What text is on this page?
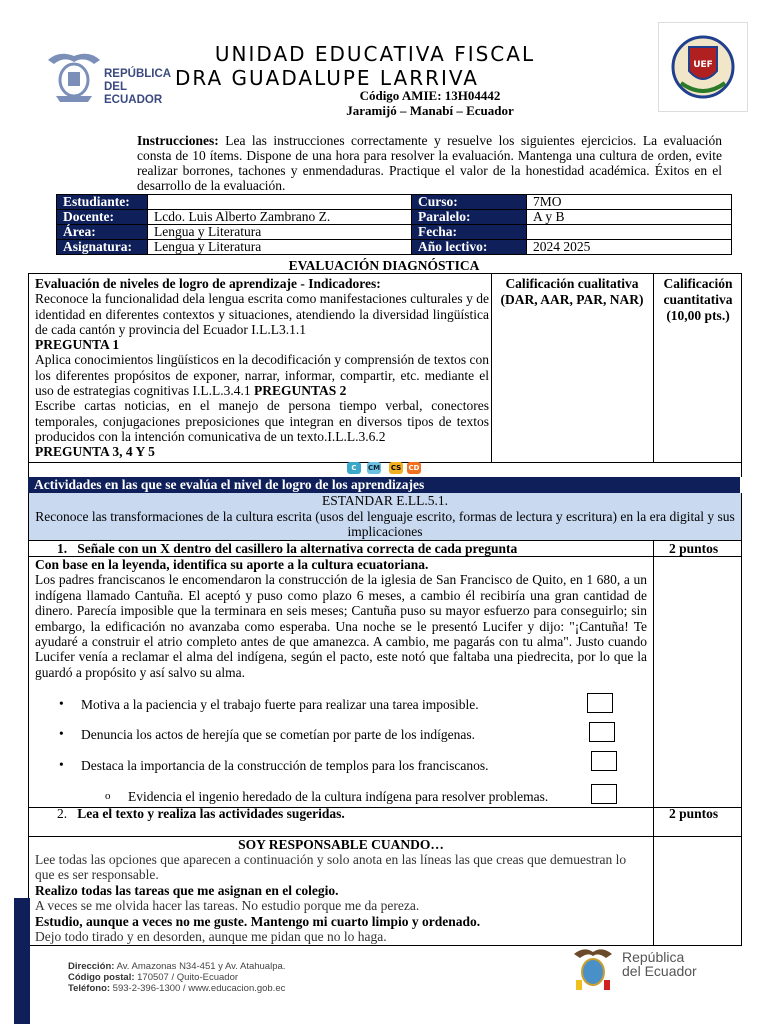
REPÚBLICA
DEL ECUADOR
UNIDAD EDUCATIVA FISCAL
DRA GUADALUPE LARRIVA
Código AMIE: 13H04442
Jaramijó – Manabí – Ecuador
UEF
Instrucciones: Lea las instrucciones correctamente y resuelve los siguientes ejercicios. La evaluación consta de 10 ítems. Dispone de una hora para resolver la evaluación. Mantenga una cultura de orden, evite realizar borrones, tachones y enmendaduras. Practique el valor de la honestidad académica. Éxitos en el desarrollo de la evaluación.
Estudiante:		Curso:	7MO
Docente:	Lcdo. Luis Alberto Zambrano Z.	Paralelo:	A y B
Área:	Lengua y Literatura	Fecha:	
Asignatura:	Lengua y Literatura	Año lectivo:	2024 2025
EVALUACIÓN DIAGNÓSTICA
Evaluación de niveles de logro de aprendizaje - Indicadores:
Reconoce la funcionalidad dela lengua escrita como manifestaciones culturales y de identidad en diferentes contextos y situaciones, atendiendo la diversidad lingüística de cada cantón y provincia del Ecuador I.L.L3.1.1
PREGUNTA 1
Aplica conocimientos lingüísticos en la decodificación y comprensión de textos con los diferentes propósitos de exponer, narrar, informar, compartir, etc. mediante el uso de estrategias cognitivas I.L.L.3.4.1 PREGUNTAS 2
Escribe cartas noticias, en el manejo de persona tiempo verbal, conectores temporales, conjugaciones preposiciones que integran en diversos tipos de textos producidos con la intención comunicativa de un texto.I.L.L.3.6.2
PREGUNTA 3, 4 Y 5
Calificación cualitativa (DAR, AAR, PAR, NAR)
Calificación cuantitativa (10,00 pts.)
C	CM CS CD
Actividades en las que se evalúa el nivel de logro de los aprendizajes
ESTANDAR E.LL.5.1.
Reconoce las transformaciones de la cultura escrita (usos del lenguaje escrito, formas de lectura y escritura) en la era digital y sus implicaciones
1. Señale con un X dentro del casillero la alternativa correcta de cada pregunta	2 puntos
Con base en la leyenda, identifica su aporte a la cultura ecuatoriana.
Los padres franciscanos le encomendaron la construcción de la iglesia de San Francisco de Quito, en 1 680, a un indígena llamado Cantuña. El aceptó y puso como plazo 6 meses, a cambio él recibiría una gran cantidad de dinero. Parecía imposible que la terminara en seis meses; Cantuña puso su mayor esfuerzo para conseguirlo; sin embargo, la edificación no avanzaba como esperaba. Una noche se le presentó Lucifer y dijo: "¡Cantuña! Te ayudaré a construir el atrio completo antes de que amanezca. A cambio, me pagarás con tu alma". Justo cuando Lucifer venía a reclamar el alma del indígena, según el pacto, este notó que faltaba una piedrecita, por lo que la guardó a propósito y así salvo su alma.
• Motiva a la paciencia y el trabajo fuerte para realizar una tarea imposible.
• Denuncia los actos de herejía que se cometían por parte de los indígenas.
• Destaca la importancia de la construcción de templos para los franciscanos.
o Evidencia el ingenio heredado de la cultura indígena para resolver problemas.
2. Lea el texto y realiza las actividades sugeridas.	2 puntos
SOY RESPONSABLE CUANDO…
Lee todas las opciones que aparecen a continuación y solo anota en las líneas las que creas que demuestran lo que es ser responsable.
Realizo todas las tareas que me asignan en el colegio.
A veces se me olvida hacer las tareas. No estudio porque me da pereza.
Estudio, aunque a veces no me guste. Mantengo mi cuarto limpio y ordenado.
Dejo todo tirado y en desorden, aunque me pidan que no lo haga.
Dirección: Av. Amazonas N34-451 y Av. Atahualpa.
Código postal: 170507 / Quito-Ecuador
Teléfono: 593-2-396-1300 / www.educacion.gob.ec
República
del Ecuador
